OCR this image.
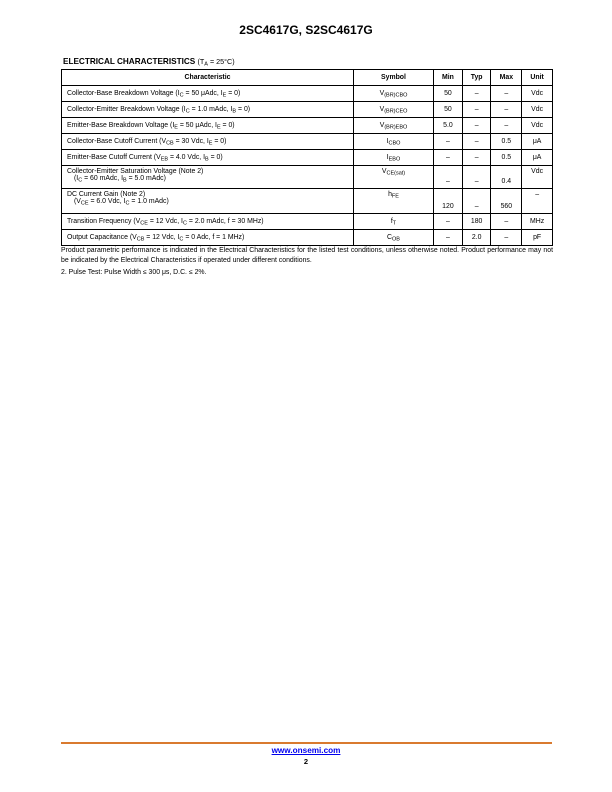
2SC4617G, S2SC4617G
ELECTRICAL CHARACTERISTICS $(T_A = 25^\circ C)$
Characteristic	Symbol	Min	Typ	Max	Unit

Collector-Base Breakdown Voltage ($I_C = 50$ μAdc, $I_E = 0$)	$V_{(BR)CBO}$	50	–	–	Vdc

Collector-Emitter Breakdown Voltage ($I_C = 1.0$ mAdc, $I_B = 0$)	$V_{(BR)CEO}$	50	–	–	Vdc

Emitter-Base Breakdown Voltage ($I_E = 50$ μAdc, $I_E = 0$)	$V_{(BR)EBO}$	5.0	–	–	Vdc

Collector-Base Cutoff Current ($V_{CB} = 30$ Vdc, $I_E = 0$)	$I_{CBO}$	–	–	0.5	μA

Emitter-Base Cutoff Current ($V_{EB} = 4.0$ Vdc, $I_B = 0$)	$I_{EBO}$	–	–	0.5	μA

Collector-Emitter Saturation Voltage (Note 2)
($I_C = 60$ mAdc, $I_B = 5.0$ mAdc)	$V_{CE(sat)}$	–	–	0.4	Vdc

DC Current Gain (Note 2)
($V_{CE} = 6.0$ Vdc, $I_C = 1.0$ mAdc)	$h_{FE}$	120	–	560	–

Transition Frequency ($V_{CE} = 12$ Vdc, $I_C = 2.0$ mAdc, f = 30 MHz)	$f_T$	–	180	–	MHz

Output Capacitance ($V_{CB} = 12$ Vdc, $I_C = 0$ Adc, f = 1 MHz)	$C_{OB}$	–	2.0	–	pF
Product parametric performance is indicated in the Electrical Characteristics for the listed test conditions, unless otherwise noted. Product performance may not be indicated by the Electrical Characteristics if operated under different conditions.
2. Pulse Test: Pulse Width ≤ 300 μs, D.C. ≤ 2%.
www.onsemi.com
2
